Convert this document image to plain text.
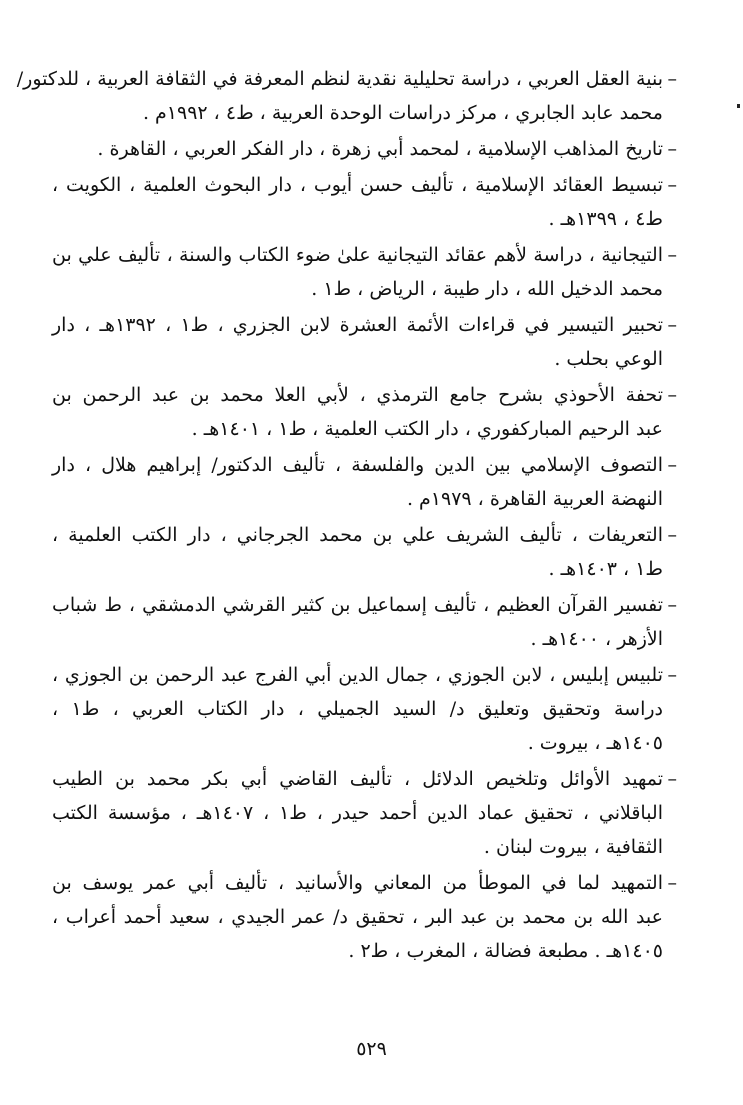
–
بنية العقل العربي ، دراسة تحليلية نقدية لنظم المعرفة في الثقافة العربية ، للدكتور/
محمد عابد الجابري ، مركز دراسات الوحدة العربية ، ط٤ ، ١٩٩٢م .
–
تاريخ المذاهب الإسلامية ، لمحمد أبي زهرة ، دار الفكر العربي ، القاهرة .
–
تبسيط العقائد الإسلامية ، تأليف حسن أيوب ، دار البحوث العلمية ، الكويت ،
ط٤ ، ١٣٩٩هـ .
–
التيجانية ، دراسة لأهم عقائد التيجانية علىٰ ضوء الكتاب والسنة ، تأليف علي بن
محمد الدخيل الله ، دار طيبة ، الرياض ، ط١ .
–
تحبير التيسير في قراءات الأئمة العشرة لابن الجزري ، ط١ ، ١٣٩٢هـ ، دار
الوعي بحلب .
–
تحفة الأحوذي بشرح جامع الترمذي ، لأبي العلا محمد بن عبد الرحمن بن
عبد الرحيم المباركفوري ، دار الكتب العلمية ، ط١ ، ١٤٠١هـ .
–
التصوف الإسلامي بين الدين والفلسفة ، تأليف الدكتور/ إبراهيم هلال ، دار
النهضة العربية القاهرة ، ١٩٧٩م .
–
التعريفات ، تأليف الشريف علي بن محمد الجرجاني ، دار الكتب العلمية ،
ط١ ، ١٤٠٣هـ .
–
تفسير القرآن العظيم ، تأليف إسماعيل بن كثير القرشي الدمشقي ، ط شباب
الأزهر ، ١٤٠٠هـ .
–
تلبيس إبليس ، لابن الجوزي ، جمال الدين أبي الفرج عبد الرحمن بن الجوزي ،
دراسة وتحقيق وتعليق د/ السيد الجميلي ، دار الكتاب العربي ، ط١ ،
١٤٠٥هـ ، بيروت .
–
تمهيد الأوائل وتلخيص الدلائل ، تأليف القاضي أبي بكر محمد بن الطيب
الباقلاني ، تحقيق عماد الدين أحمد حيدر ، ط١ ، ١٤٠٧هـ ، مؤسسة الكتب
الثقافية ، بيروت لبنان .
–
التمهيد لما في الموطأ من المعاني والأسانيد ، تأليف أبي عمر يوسف بن
عبد الله بن محمد بن عبد البر ، تحقيق د/ عمر الجيدي ، سعيد أحمد أعراب ،
١٤٠٥هـ . مطبعة فضالة ، المغرب ، ط٢ .
٥٢٩
